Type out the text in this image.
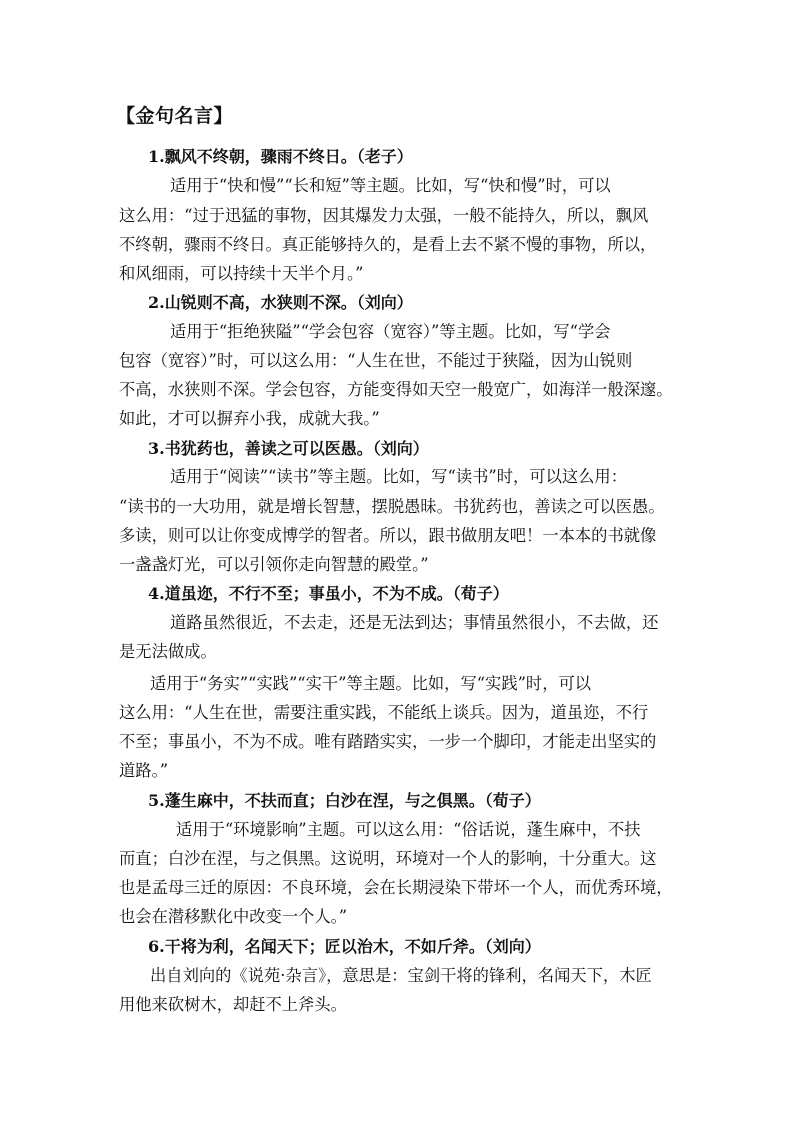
【金句名言】
1.飘风不终朝，骤雨不终日。（老子）
适用于“快和慢”“长和短”等主题。比如，写“快和慢”时，可以
这么用：“过于迅猛的事物，因其爆发力太强，一般不能持久，所以，飘风
不终朝，骤雨不终日。真正能够持久的，是看上去不紧不慢的事物，所以，
和风细雨，可以持续十天半个月。”
2.山锐则不高，水狭则不深。（刘向）
适用于“拒绝狭隘”“学会包容（宽容）”等主题。比如，写“学会
包容（宽容）”时，可以这么用：“人生在世，不能过于狭隘，因为山锐则
不高，水狭则不深。学会包容，方能变得如天空一般宽广，如海洋一般深邃。
如此，才可以摒弃小我，成就大我。”
3.书犹药也，善读之可以医愚。（刘向）
适用于“阅读”“读书”等主题。比如，写“读书”时，可以这么用：
“读书的一大功用，就是增长智慧，摆脱愚昧。书犹药也，善读之可以医愚。
多读，则可以让你变成博学的智者。所以，跟书做朋友吧！一本本的书就像
一盏盏灯光，可以引领你走向智慧的殿堂。”
4.道虽迩，不行不至；事虽小，不为不成。（荀子）
道路虽然很近，不去走，还是无法到达；事情虽然很小，不去做，还
是无法做成。
适用于“务实”“实践”“实干”等主题。比如，写“实践”时，可以
这么用：“人生在世，需要注重实践，不能纸上谈兵。因为，道虽迩，不行
不至；事虽小，不为不成。唯有踏踏实实，一步一个脚印，才能走出坚实的
道路。”
5.蓬生麻中，不扶而直；白沙在涅，与之俱黑。（荀子）
适用于“环境影响”主题。可以这么用：“俗话说，蓬生麻中，不扶
而直；白沙在涅，与之俱黑。这说明，环境对一个人的影响，十分重大。这
也是孟母三迁的原因：不良环境，会在长期浸染下带坏一个人，而优秀环境，
也会在潜移默化中改变一个人。”
6.干将为利，名闻天下；匠以治木，不如斤斧。（刘向）
出自刘向的《说苑·杂言》，意思是：宝剑干将的锋利，名闻天下，木匠
用他来砍树木，却赶不上斧头。
